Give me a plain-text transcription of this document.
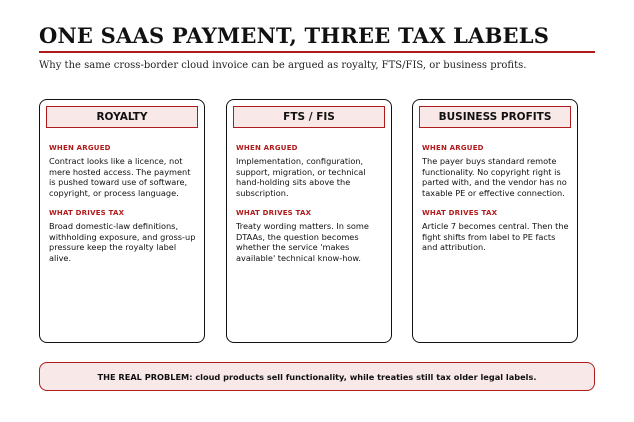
ONE SAAS PAYMENT, THREE TAX LABELS

Why the same cross-border cloud invoice can be argued as royalty, FTS/FIS, or business profits.

ROYALTY
WHEN ARGUED
Contract looks like a licence, not mere hosted access. The payment is pushed toward use of software, copyright, or process language.
WHAT DRIVES TAX
Broad domestic-law definitions, withholding exposure, and gross-up pressure keep the royalty label alive.
FTS / FIS
WHEN ARGUED
Implementation, configuration, support, migration, or technical hand-holding sits above the subscription.
WHAT DRIVES TAX
Treaty wording matters. In some DTAAs, the question becomes whether the service 'makes available' technical know-how.
BUSINESS PROFITS
WHEN ARGUED
The payer buys standard remote functionality. No copyright right is parted with, and the vendor has no taxable PE or effective connection.
WHAT DRIVES TAX
Article 7 becomes central. Then the fight shifts from label to PE facts and attribution.
THE REAL PROBLEM: cloud products sell functionality, while treaties still tax older legal labels.
